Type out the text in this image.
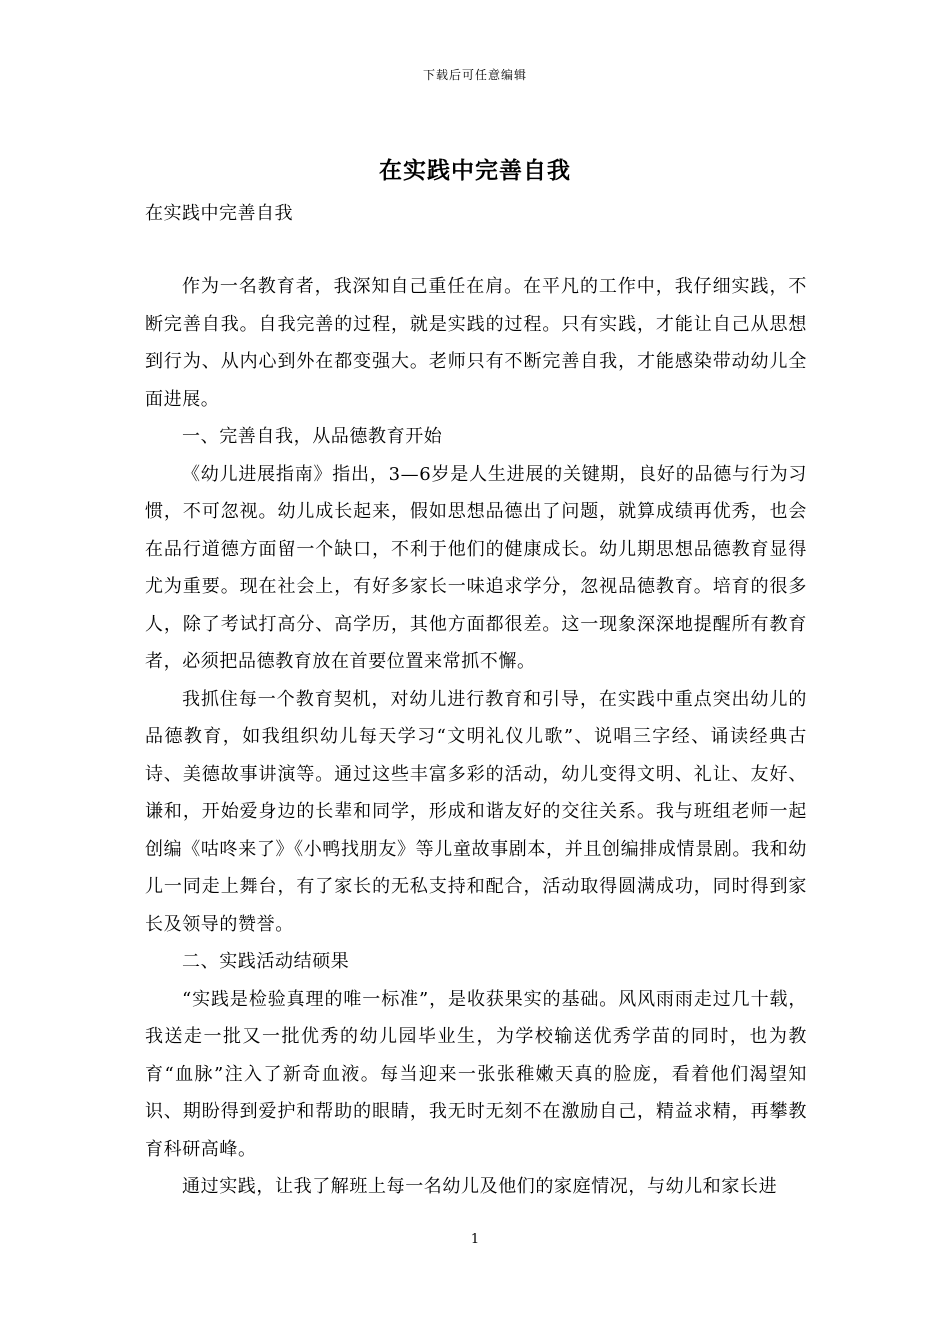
下载后可任意编辑
在实践中完善自我
在实践中完善自我

作为一名教育者，我深知自己重任在肩。在平凡的工作中，我仔细实践，不断完善自我。自我完善的过程，就是实践的过程。只有实践，才能让自己从思想到行为、从内心到外在都变强大。老师只有不断完善自我，才能感染带动幼儿全面进展。

一、完善自我，从品德教育开始

《幼儿进展指南》指出，3—6岁是人生进展的关键期，良好的品德与行为习惯，不可忽视。幼儿成长起来，假如思想品德出了问题，就算成绩再优秀，也会在品行道德方面留一个缺口，不利于他们的健康成长。幼儿期思想品德教育显得尤为重要。现在社会上，有好多家长一味追求学分，忽视品德教育。培育的很多人，除了考试打高分、高学历，其他方面都很差。这一现象深深地提醒所有教育者，必须把品德教育放在首要位置来常抓不懈。

我抓住每一个教育契机，对幼儿进行教育和引导，在实践中重点突出幼儿的品德教育，如我组织幼儿每天学习“文明礼仪儿歌”、说唱三字经、诵读经典古诗、美德故事讲演等。通过这些丰富多彩的活动，幼儿变得文明、礼让、友好、谦和，开始爱身边的长辈和同学，形成和谐友好的交往关系。我与班组老师一起创编《咕咚来了》《小鸭找朋友》等儿童故事剧本，并且创编排成情景剧。我和幼儿一同走上舞台，有了家长的无私支持和配合，活动取得圆满成功，同时得到家长及领导的赞誉。

二、实践活动结硕果

“实践是检验真理的唯一标准”，是收获果实的基础。风风雨雨走过几十载，我送走一批又一批优秀的幼儿园毕业生，为学校输送优秀学苗的同时，也为教育“血脉”注入了新奇血液。每当迎来一张张稚嫩天真的脸庞，看着他们渴望知识、期盼得到爱护和帮助的眼睛，我无时无刻不在激励自己，精益求精，再攀教育科研高峰。

通过实践，让我了解班上每一名幼儿及他们的家庭情况，与幼儿和家长进

1
